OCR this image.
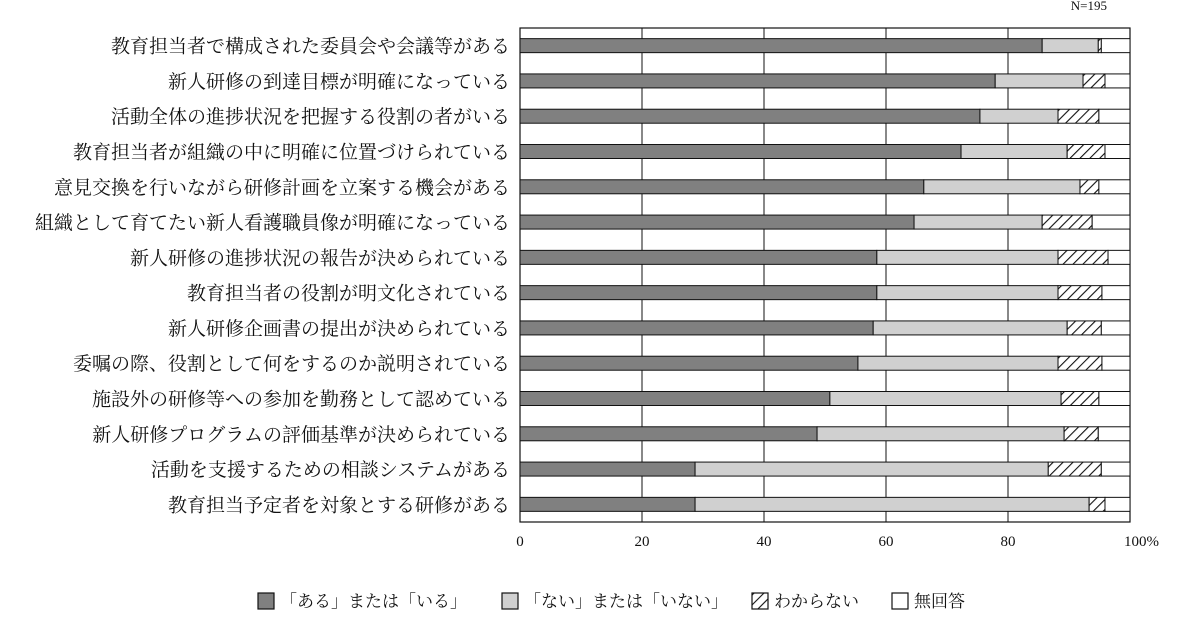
N=195
教育担当者で構成された委員会や会議等がある
新人研修の到達目標が明確になっている
活動全体の進捗状況を把握する役割の者がいる
教育担当者が組織の中に明確に位置づけられている
意見交換を行いながら研修計画を立案する機会がある
組織として育てたい新人看護職員像が明確になっている
新人研修の進捗状況の報告が決められている
教育担当者の役割が明文化されている
新人研修企画書の提出が決められている
委嘱の際、役割として何をするのか説明されている
施設外の研修等への参加を勤務として認めている
新人研修プログラムの評価基準が決められている
活動を支援するための相談システムがある
教育担当予定者を対象とする研修がある
0	20	40	60	80	100%
「ある」または「いる」	「ない」または「いない」	わからない	無回答
